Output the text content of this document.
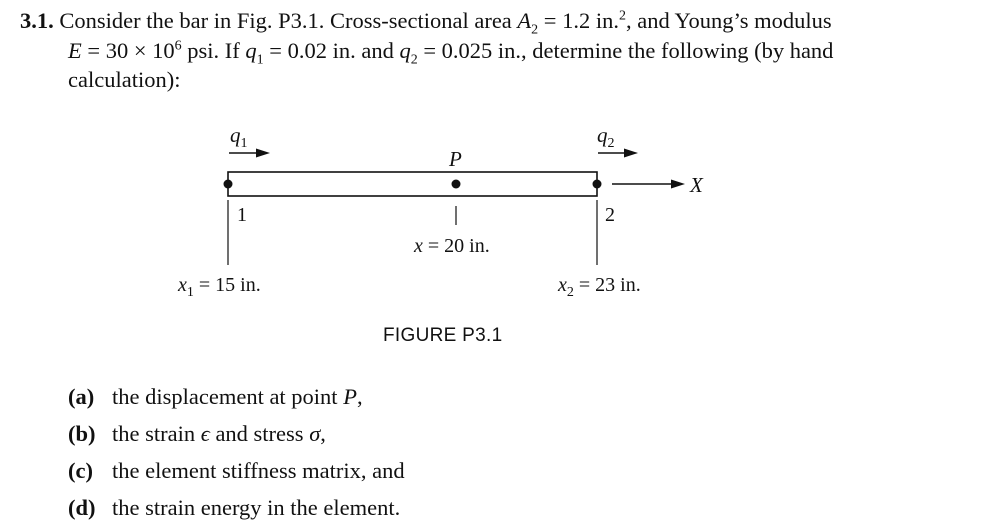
3.1. Consider the bar in Fig. P3.1. Cross-sectional area $A_2 = 1.2$ in.$^2$, and Young’s modulus
$E = 30 \times 10^6$ psi. If $q_1 = 0.02$ in. and $q_2 = 0.025$ in., determine the following (by hand
calculation):
$q_1$	$q_2$
P
1	2
X
x = 20 in.
$x_1 = 15$ in.	$x_2 = 23$ in.
FIGURE P3.1
(a) the displacement at point P,
(b) the strain ϵ and stress σ,
(c) the element stiffness matrix, and
(d) the strain energy in the element.
